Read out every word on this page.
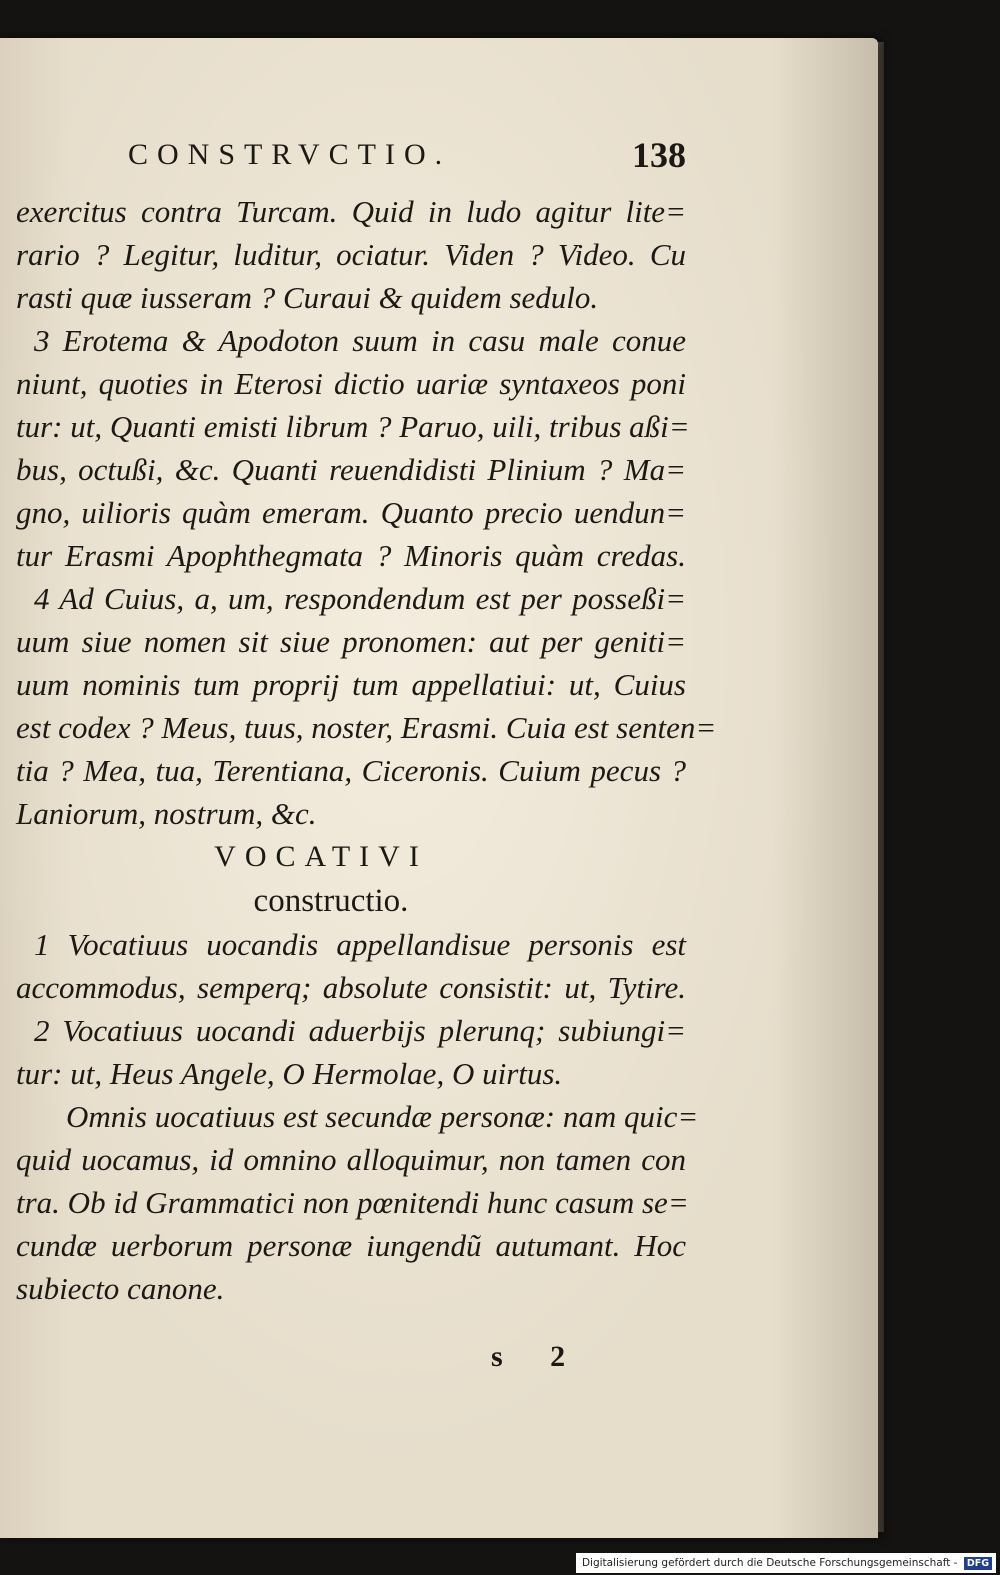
CONSTRVCTIO.	138
exercitus contra Turcam. Quid in ludo agitur lite=
rario ? Legitur, luditur, ociatur. Viden ? Video. Cu
rasti quæ iusseram ? Curaui & quidem sedulo.
3 Erotema & Apodoton suum in casu male conue
niunt, quoties in Eterosi dictio uariæ syntaxeos poni
tur: ut, Quanti emisti librum ? Paruo, uili, tribus aßi=
bus, octußi, &c. Quanti reuendidisti Plinium ? Ma=
gno, uilioris quàm emeram. Quanto precio uendun=
tur Erasmi Apophthegmata ? Minoris quàm credas.
4 Ad Cuius, a, um, respondendum est per posseßi=
uum siue nomen sit siue pronomen: aut per geniti=
uum nominis tum proprij tum appellatiui: ut, Cuius
est codex ? Meus, tuus, noster, Erasmi. Cuia est senten=
tia ? Mea, tua, Terentiana, Ciceronis. Cuium pecus ?
Laniorum, nostrum, &c.
VOCATIVI
constructio.
1 Vocatiuus uocandis appellandisue personis est
accommodus, semperq; absolute consistit: ut, Tytire.
2 Vocatiuus uocandi aduerbijs plerunq; subiungi=
tur: ut, Heus Angele, O Hermolae, O uirtus.
Omnis uocatiuus est secundæ personæ: nam quic=
quid uocamus, id omnino alloquimur, non tamen con
tra. Ob id Grammatici non pœnitendi hunc casum se=
cundæ uerborum personæ iungendũ autumant. Hoc
subiecto canone.
s 2
Digitalisierung gefördert durch die Deutsche Forschungsgemeinschaft - DFG
